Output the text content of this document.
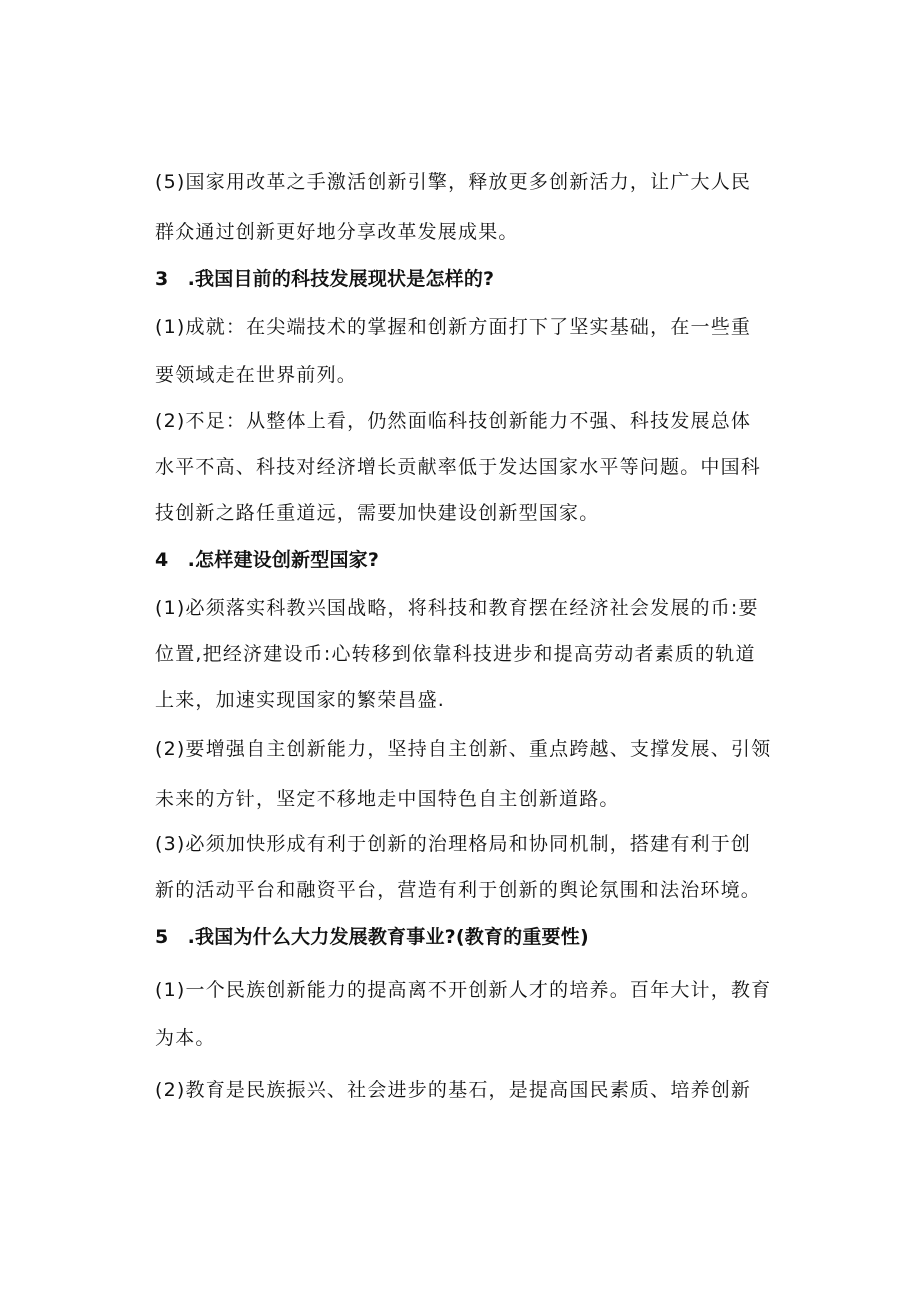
(5)国家用改革之手激活创新引擎，释放更多创新活力，让广大人民
群众通过创新更好地分享改革发展成果。
3　.我国目前的科技发展现状是怎样的?
(1)成就：在尖端技术的掌握和创新方面打下了坚实基础，在一些重
要领域走在世界前列。
(2)不足：从整体上看，仍然面临科技创新能力不强、科技发展总体
水平不高、科技对经济增长贡献率低于发达国家水平等问题。中国科
技创新之路任重道远，需要加快建设创新型国家。
4　.怎样建设创新型国家?
(1)必须落实科教兴国战略，将科技和教育摆在经济社会发展的币:要
位置,把经济建设币:心转移到依靠科技进步和提高劳动者素质的轨道
上来，加速实现国家的繁荣昌盛.
(2)要增强自主创新能力，坚持自主创新、重点跨越、支撑发展、引领
未来的方针，坚定不移地走中国特色自主创新道路。
(3)必须加快形成有利于创新的治理格局和协同机制，搭建有利于创
新的活动平台和融资平台，营造有利于创新的舆论氛围和法治环境。
5　.我国为什么大力发展教育事业?(教育的重要性)
(1)一个民族创新能力的提高离不开创新人才的培养。百年大计，教育
为本。
(2)教育是民族振兴、社会进步的基石，是提高国民素质、培养创新
